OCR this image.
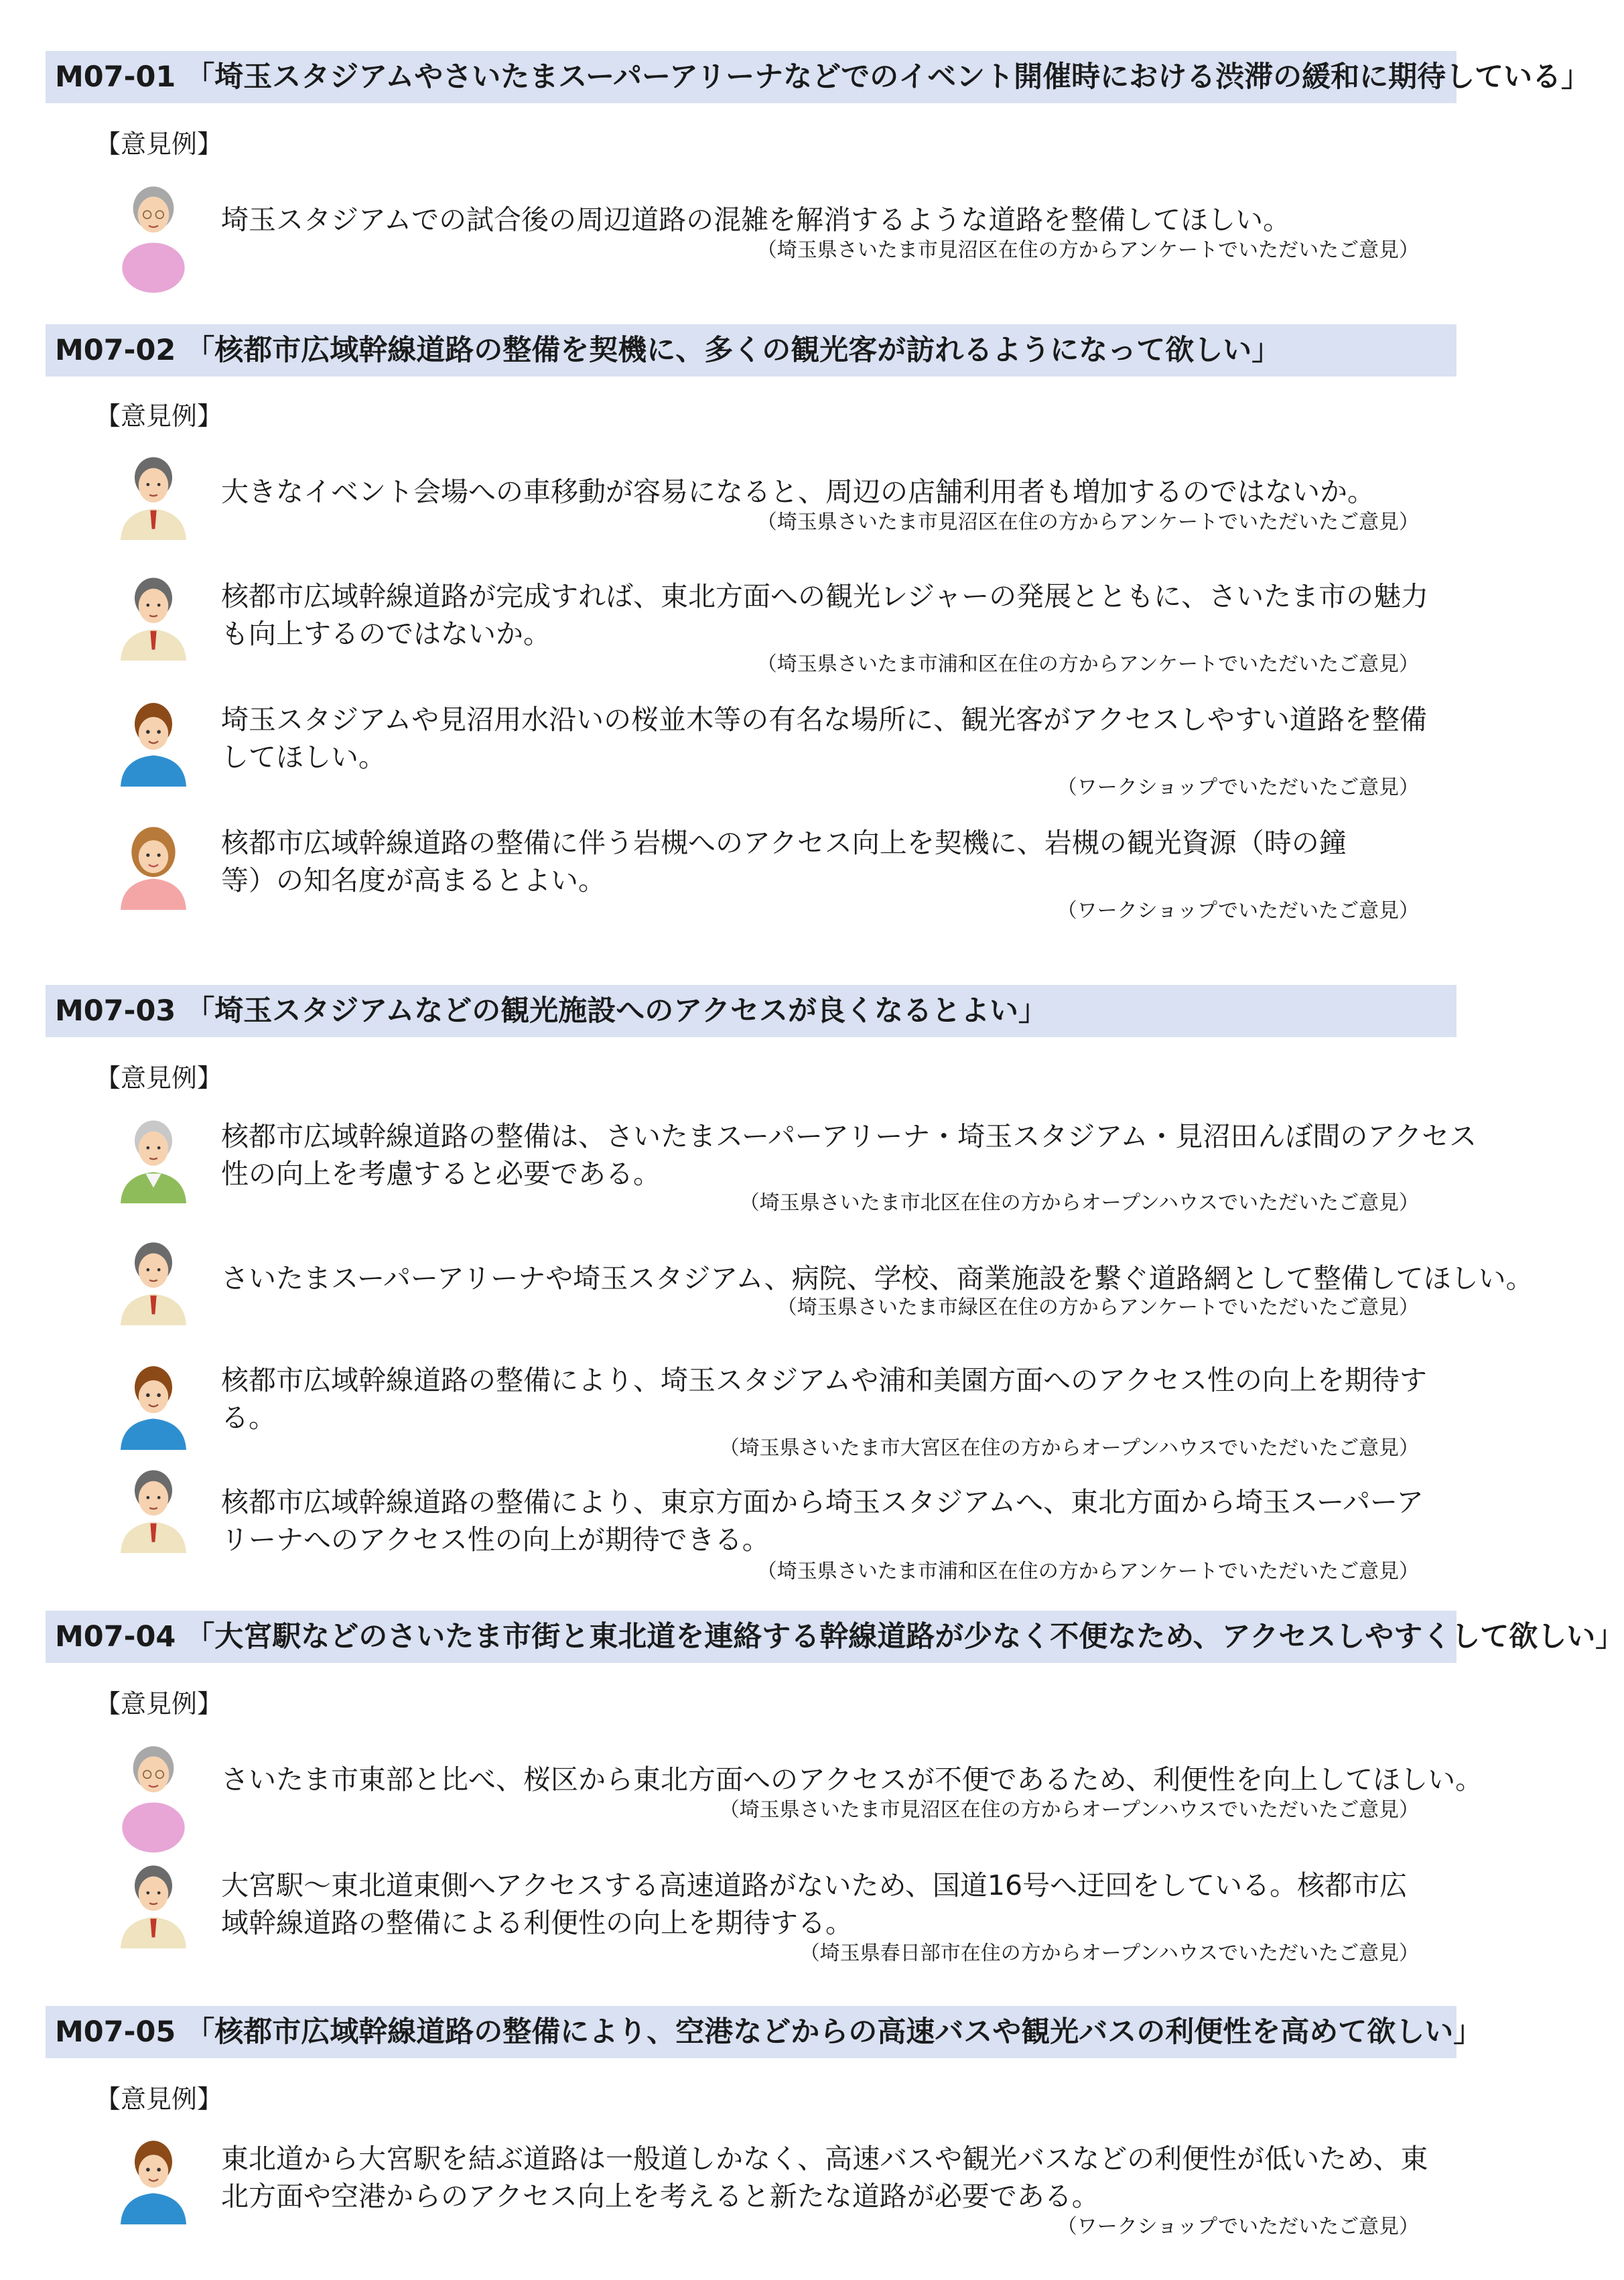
M07-01 「埼玉スタジアムやさいたまスーパーアリーナなどでのイベント開催時における渋滞の緩和に期待している」
【意見例】
埼玉スタジアムでの試合後の周辺道路の混雑を解消するような道路を整備してほしい。
（埼玉県さいたま市見沼区在住の方からアンケートでいただいたご意見）
M07-02 「核都市広域幹線道路の整備を契機に、多くの観光客が訪れるようになって欲しい」
【意見例】
大きなイベント会場への車移動が容易になると、周辺の店舗利用者も増加するのではないか。
（埼玉県さいたま市見沼区在住の方からアンケートでいただいたご意見）
核都市広域幹線道路が完成すれば、東北方面への観光レジャーの発展とともに、さいたま市の魅力
も向上するのではないか。
（埼玉県さいたま市浦和区在住の方からアンケートでいただいたご意見）
埼玉スタジアムや見沼用水沿いの桜並木等の有名な場所に、観光客がアクセスしやすい道路を整備
してほしい。
（ワークショップでいただいたご意見）
核都市広域幹線道路の整備に伴う岩槻へのアクセス向上を契機に、岩槻の観光資源（時の鐘
等）の知名度が高まるとよい。
（ワークショップでいただいたご意見）
M07-03 「埼玉スタジアムなどの観光施設へのアクセスが良くなるとよい」
【意見例】
核都市広域幹線道路の整備は、さいたまスーパーアリーナ・埼玉スタジアム・見沼田んぼ間のアクセス
性の向上を考慮すると必要である。
（埼玉県さいたま市北区在住の方からオープンハウスでいただいたご意見）
さいたまスーパーアリーナや埼玉スタジアム、病院、学校、商業施設を繋ぐ道路網として整備してほしい。
（埼玉県さいたま市緑区在住の方からアンケートでいただいたご意見）
核都市広域幹線道路の整備により、埼玉スタジアムや浦和美園方面へのアクセス性の向上を期待す
る。
（埼玉県さいたま市大宮区在住の方からオープンハウスでいただいたご意見）
核都市広域幹線道路の整備により、東京方面から埼玉スタジアムへ、東北方面から埼玉スーパーア
リーナへのアクセス性の向上が期待できる。
（埼玉県さいたま市浦和区在住の方からアンケートでいただいたご意見）
M07-04 「大宮駅などのさいたま市街と東北道を連絡する幹線道路が少なく不便なため、アクセスしやすくして欲しい」
【意見例】
さいたま市東部と比べ、桜区から東北方面へのアクセスが不便であるため、利便性を向上してほしい。
（埼玉県さいたま市見沼区在住の方からオープンハウスでいただいたご意見）
大宮駅～東北道東側へアクセスする高速道路がないため、国道16号へ迂回をしている。核都市広
域幹線道路の整備による利便性の向上を期待する。
（埼玉県春日部市在住の方からオープンハウスでいただいたご意見）
M07-05 「核都市広域幹線道路の整備により、空港などからの高速バスや観光バスの利便性を高めて欲しい」
【意見例】
東北道から大宮駅を結ぶ道路は一般道しかなく、高速バスや観光バスなどの利便性が低いため、東
北方面や空港からのアクセス向上を考えると新たな道路が必要である。
（ワークショップでいただいたご意見）
